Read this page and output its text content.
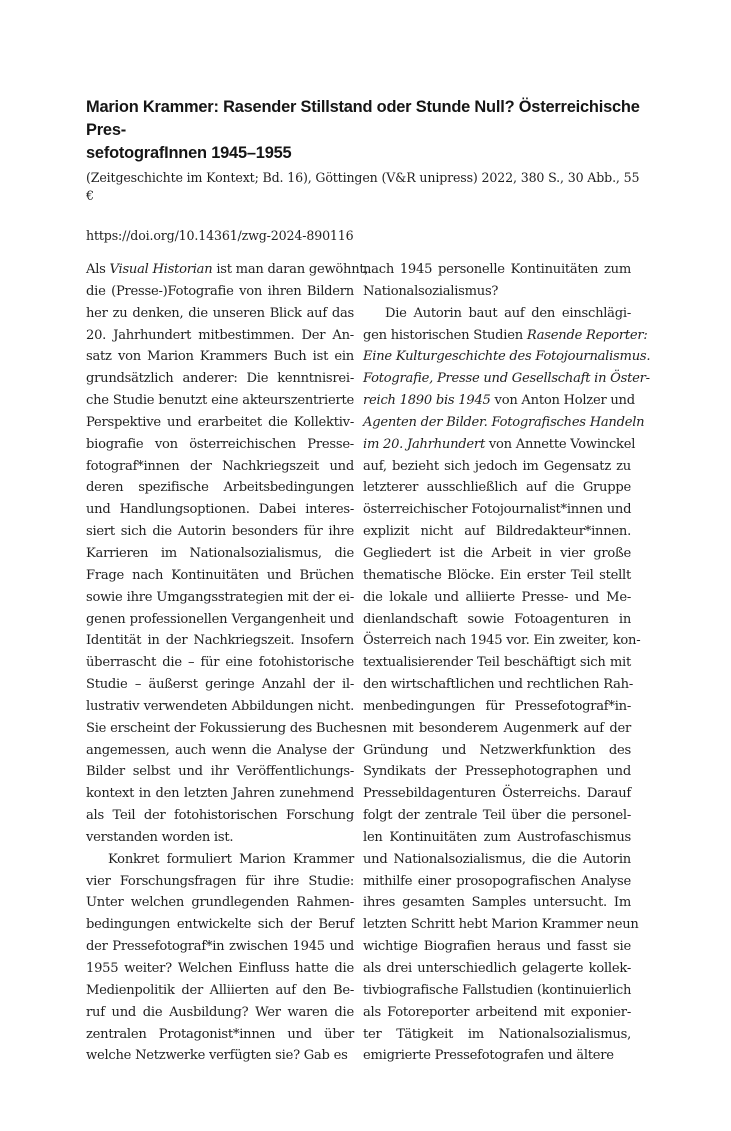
Marion Krammer: Rasender Stillstand oder Stunde Null? Österreichische Pres-
sefotografInnen 1945–1955
(Zeitgeschichte im Kontext; Bd. 16), Göttingen (V&R unipress) 2022, 380 S., 30 Abb., 55 €
https://doi.org/10.14361/zwg-2024-890116
Als Visual Historian ist man daran gewöhnt,
die (Presse-)Fotografie von ihren Bildern
her zu denken, die unseren Blick auf das
20. Jahrhundert mitbestimmen. Der An-
satz von Marion Krammers Buch ist ein
grundsätzlich anderer: Die kenntnisrei-
che Studie benutzt eine akteurszentrierte
Perspektive und erarbeitet die Kollektiv-
biografie von österreichischen Presse-
fotograf*innen der Nachkriegszeit und
deren spezifische Arbeitsbedingungen
und Handlungsoptionen. Dabei interes-
siert sich die Autorin besonders für ihre
Karrieren im Nationalsozialismus, die
Frage nach Kontinuitäten und Brüchen
sowie ihre Umgangsstrategien mit der ei-
genen professionellen Vergangenheit und
Identität in der Nachkriegszeit. Insofern
überrascht die – für eine fotohistorische
Studie – äußerst geringe Anzahl der il-
lustrativ verwendeten Abbildungen nicht.
Sie erscheint der Fokussierung des Buches
angemessen, auch wenn die Analyse der
Bilder selbst und ihr Veröffentlichungs-
kontext in den letzten Jahren zunehmend
als Teil der fotohistorischen Forschung
verstanden worden ist.
Konkret formuliert Marion Krammer
vier Forschungsfragen für ihre Studie:
Unter welchen grundlegenden Rahmen-
bedingungen entwickelte sich der Beruf
der Pressefotograf*in zwischen 1945 und
1955 weiter? Welchen Einfluss hatte die
Medienpolitik der Alliierten auf den Be-
ruf und die Ausbildung? Wer waren die
zentralen Protagonist*innen und über
welche Netzwerke verfügten sie? Gab es
nach 1945 personelle Kontinuitäten zum
Nationalsozialismus?
Die Autorin baut auf den einschlägi-
gen historischen Studien Rasende Reporter:
Eine Kulturgeschichte des Fotojournalismus.
Fotografie, Presse und Gesellschaft in Öster-
reich 1890 bis 1945 von Anton Holzer und
Agenten der Bilder. Fotografisches Handeln
im 20. Jahrhundert von Annette Vowinckel
auf, bezieht sich jedoch im Gegensatz zu
letzterer ausschließlich auf die Gruppe
österreichischer Fotojournalist*innen und
explizit nicht auf Bildredakteur*innen.
Gegliedert ist die Arbeit in vier große
thematische Blöcke. Ein erster Teil stellt
die lokale und alliierte Presse- und Me-
dienlandschaft sowie Fotoagenturen in
Österreich nach 1945 vor. Ein zweiter, kon-
textualisierender Teil beschäftigt sich mit
den wirtschaftlichen und rechtlichen Rah-
menbedingungen für Pressefotograf*in-
nen mit besonderem Augenmerk auf der
Gründung und Netzwerkfunktion des
Syndikats der Pressephotographen und
Pressebildagenturen Österreichs. Darauf
folgt der zentrale Teil über die personel-
len Kontinuitäten zum Austrofaschismus
und Nationalsozialismus, die die Autorin
mithilfe einer prosopografischen Analyse
ihres gesamten Samples untersucht. Im
letzten Schritt hebt Marion Krammer neun
wichtige Biografien heraus und fasst sie
als drei unterschiedlich gelagerte kollek-
tivbiografische Fallstudien (kontinuierlich
als Fotoreporter arbeitend mit exponier-
ter Tätigkeit im Nationalsozialismus,
emigrierte Pressefotografen und ältere
